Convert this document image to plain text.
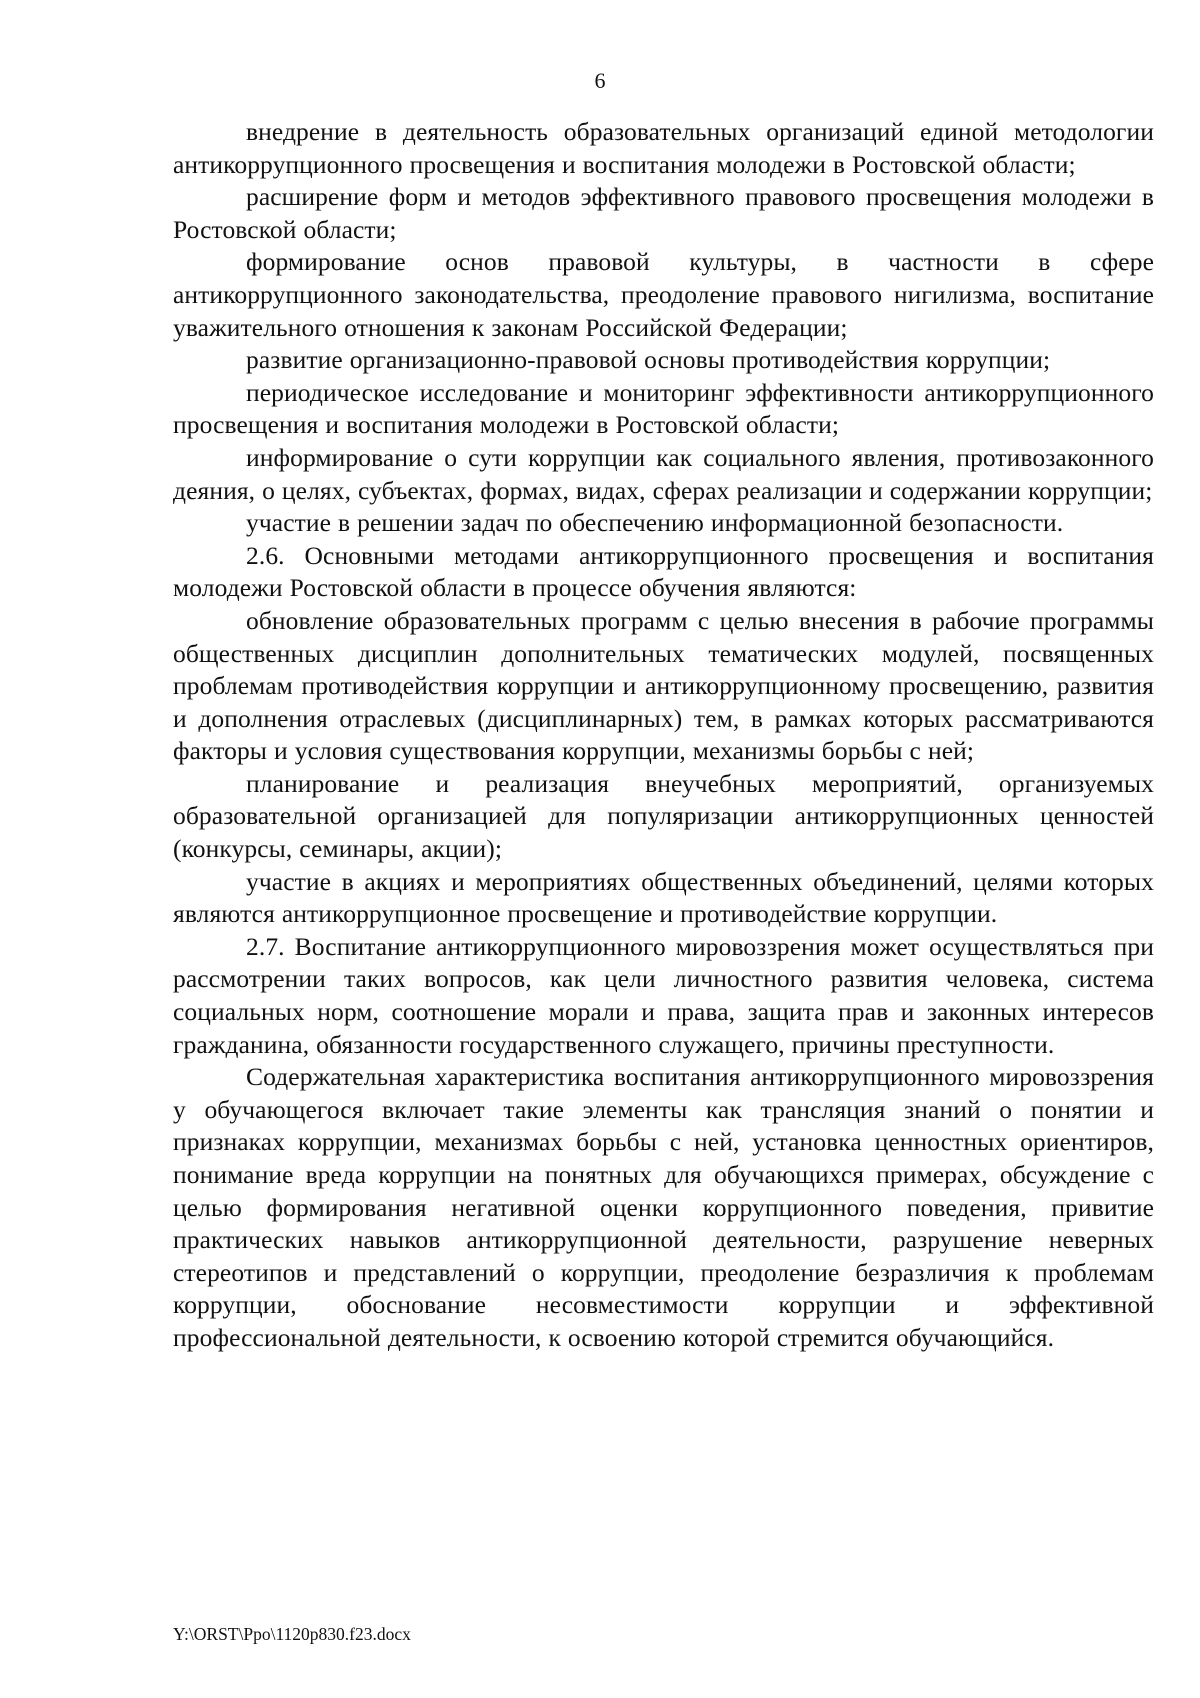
6

внедрение в деятельность образовательных организаций единой методологии антикоррупционного просвещения и воспитания молодежи в Ростовской области;

расширение форм и методов эффективного правового просвещения молодежи в Ростовской области;

формирование основ правовой культуры, в частности в сфере антикоррупционного законодательства, преодоление правового нигилизма, воспитание уважительного отношения к законам Российской Федерации;

развитие организационно-правовой основы противодействия коррупции;

периодическое исследование и мониторинг эффективности антикоррупционного просвещения и воспитания молодежи в Ростовской области;

информирование о сути коррупции как социального явления, противозаконного деяния, о целях, субъектах, формах, видах, сферах реализации и содержании коррупции;

участие в решении задач по обеспечению информационной безопасности.

2.6. Основными методами антикоррупционного просвещения и воспитания молодежи Ростовской области в процессе обучения являются:

обновление образовательных программ с целью внесения в рабочие программы общественных дисциплин дополнительных тематических модулей, посвященных проблемам противодействия коррупции и антикоррупционному просвещению, развития и дополнения отраслевых (дисциплинарных) тем, в рамках которых рассматриваются факторы и условия существования коррупции, механизмы борьбы с ней;

планирование и реализация внеучебных мероприятий, организуемых образовательной организацией для популяризации антикоррупционных ценностей (конкурсы, семинары, акции);

участие в акциях и мероприятиях общественных объединений, целями которых являются антикоррупционное просвещение и противодействие коррупции.

2.7. Воспитание антикоррупционного мировоззрения может осуществляться при рассмотрении таких вопросов, как цели личностного развития человека, система социальных норм, соотношение морали и права, защита прав и законных интересов гражданина, обязанности государственного служащего, причины преступности.

Содержательная характеристика воспитания антикоррупционного мировоззрения у обучающегося включает такие элементы как трансляция знаний о понятии и признаках коррупции, механизмах борьбы с ней, установка ценностных ориентиров, понимание вреда коррупции на понятных для обучающихся примерах, обсуждение с целью формирования негативной оценки коррупционного поведения, привитие практических навыков антикоррупционной деятельности, разрушение неверных стереотипов и представлений о коррупции, преодоление безразличия к проблемам коррупции, обоснование несовместимости коррупции и эффективной профессиональной деятельности, к освоению которой стремится обучающийся.

Y:\ORST\Ppo\1120p830.f23.docx
